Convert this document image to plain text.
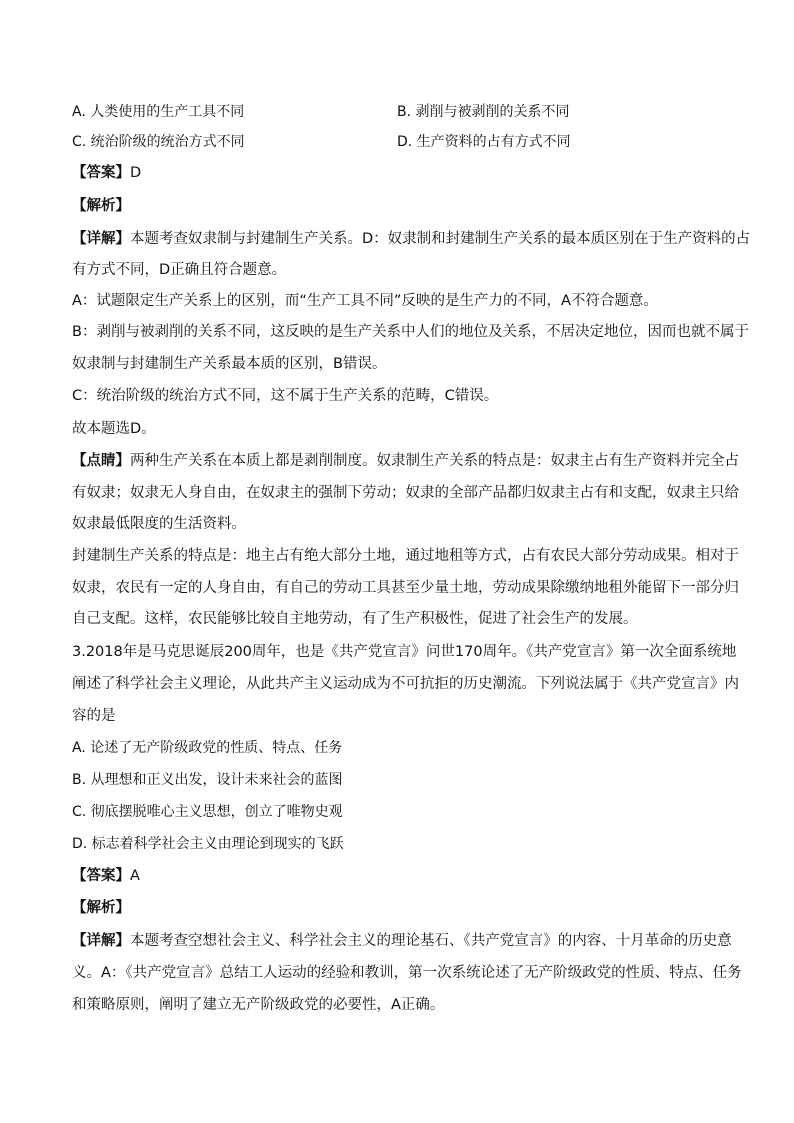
A. 人类使用的生产工具不同	B. 剥削与被剥削的关系不同
C. 统治阶级的统治方式不同	D. 生产资料的占有方式不同
【答案】D
【解析】
【详解】本题考查奴隶制与封建制生产关系。D：奴隶制和封建制生产关系的最本质区别在于生产资料的占
有方式不同，D正确且符合题意。
A：试题限定生产关系上的区别，而“生产工具不同”反映的是生产力的不同，A不符合题意。
B：剥削与被剥削的关系不同，这反映的是生产关系中人们的地位及关系，不居决定地位，因而也就不属于
奴隶制与封建制生产关系最本质的区别，B错误。
C：统治阶级的统治方式不同，这不属于生产关系的范畴，C错误。
故本题选D。
【点睛】两种生产关系在本质上都是剥削制度。奴隶制生产关系的特点是：奴隶主占有生产资料并完全占
有奴隶；奴隶无人身自由，在奴隶主的强制下劳动；奴隶的全部产品都归奴隶主占有和支配，奴隶主只给
奴隶最低限度的生活资料。
封建制生产关系的特点是：地主占有绝大部分土地，通过地租等方式，占有农民大部分劳动成果。相对于
奴隶，农民有一定的人身自由，有自己的劳动工具甚至少量土地，劳动成果除缴纳地租外能留下一部分归
自己支配。这样，农民能够比较自主地劳动，有了生产积极性，促进了社会生产的发展。
3.2018年是马克思诞辰200周年，也是《共产党宣言》问世170周年。《共产党宣言》第一次全面系统地
阐述了科学社会主义理论，从此共产主义运动成为不可抗拒的历史潮流。下列说法属于《共产党宣言》内
容的是
A. 论述了无产阶级政党的性质、特点、任务
B. 从理想和正义出发，设计未来社会的蓝图
C. 彻底摆脱唯心主义思想，创立了唯物史观
D. 标志着科学社会主义由理论到现实的飞跃
【答案】A
【解析】
【详解】本题考查空想社会主义、科学社会主义的理论基石、《共产党宣言》的内容、十月革命的历史意
义。A：《共产党宣言》总结工人运动的经验和教训，第一次系统论述了无产阶级政党的性质、特点、任务
和策略原则，阐明了建立无产阶级政党的必要性，A正确。
